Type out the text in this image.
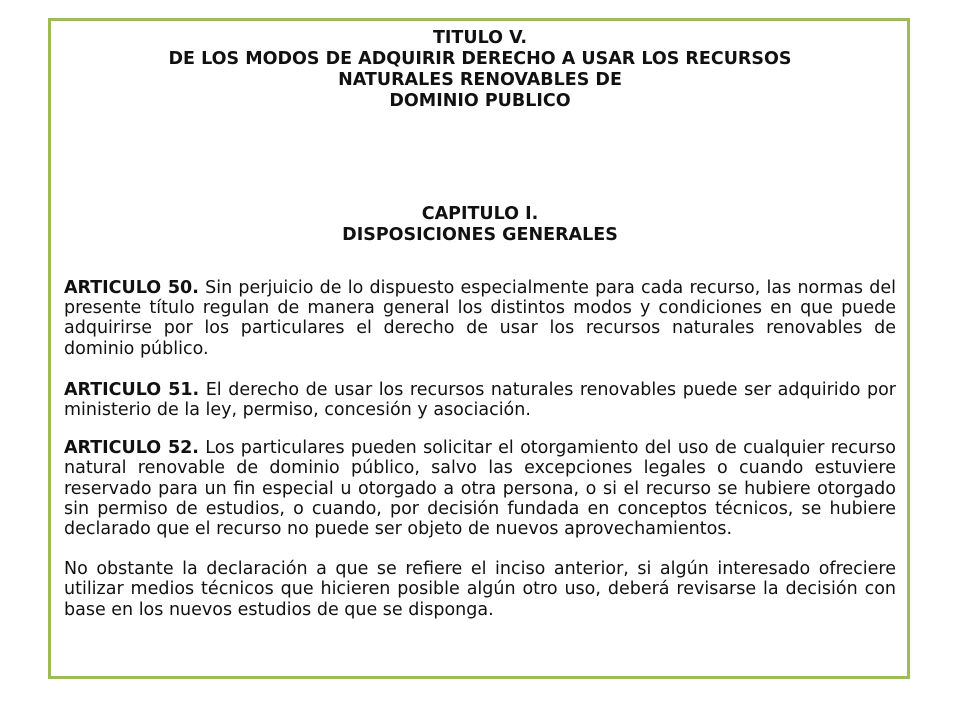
TITULO V.

DE LOS MODOS DE ADQUIRIR DERECHO A USAR LOS RECURSOS

NATURALES RENOVABLES DE

DOMINIO PUBLICO

CAPITULO I.

DISPOSICIONES GENERALES

ARTICULO 50. Sin perjuicio de lo dispuesto especialmente para cada recurso, las normas del presente título regulan de manera general los distintos modos y condiciones en que puede adquirirse por los particulares el derecho de usar los recursos naturales renovables de dominio público.

ARTICULO 51. El derecho de usar los recursos naturales renovables puede ser adquirido por ministerio de la ley, permiso, concesión y asociación.

ARTICULO 52. Los particulares pueden solicitar el otorgamiento del uso de cualquier recurso natural renovable de dominio público, salvo las excepciones legales o cuando estuviere reservado para un fin especial u otorgado a otra persona, o si el recurso se hubiere otorgado sin permiso de estudios, o cuando, por decisión fundada en conceptos técnicos, se hubiere declarado que el recurso no puede ser objeto de nuevos aprovechamientos.

No obstante la declaración a que se refiere el inciso anterior, si algún interesado ofreciere utilizar medios técnicos que hicieren posible algún otro uso, deberá revisarse la decisión con base en los nuevos estudios de que se disponga.
